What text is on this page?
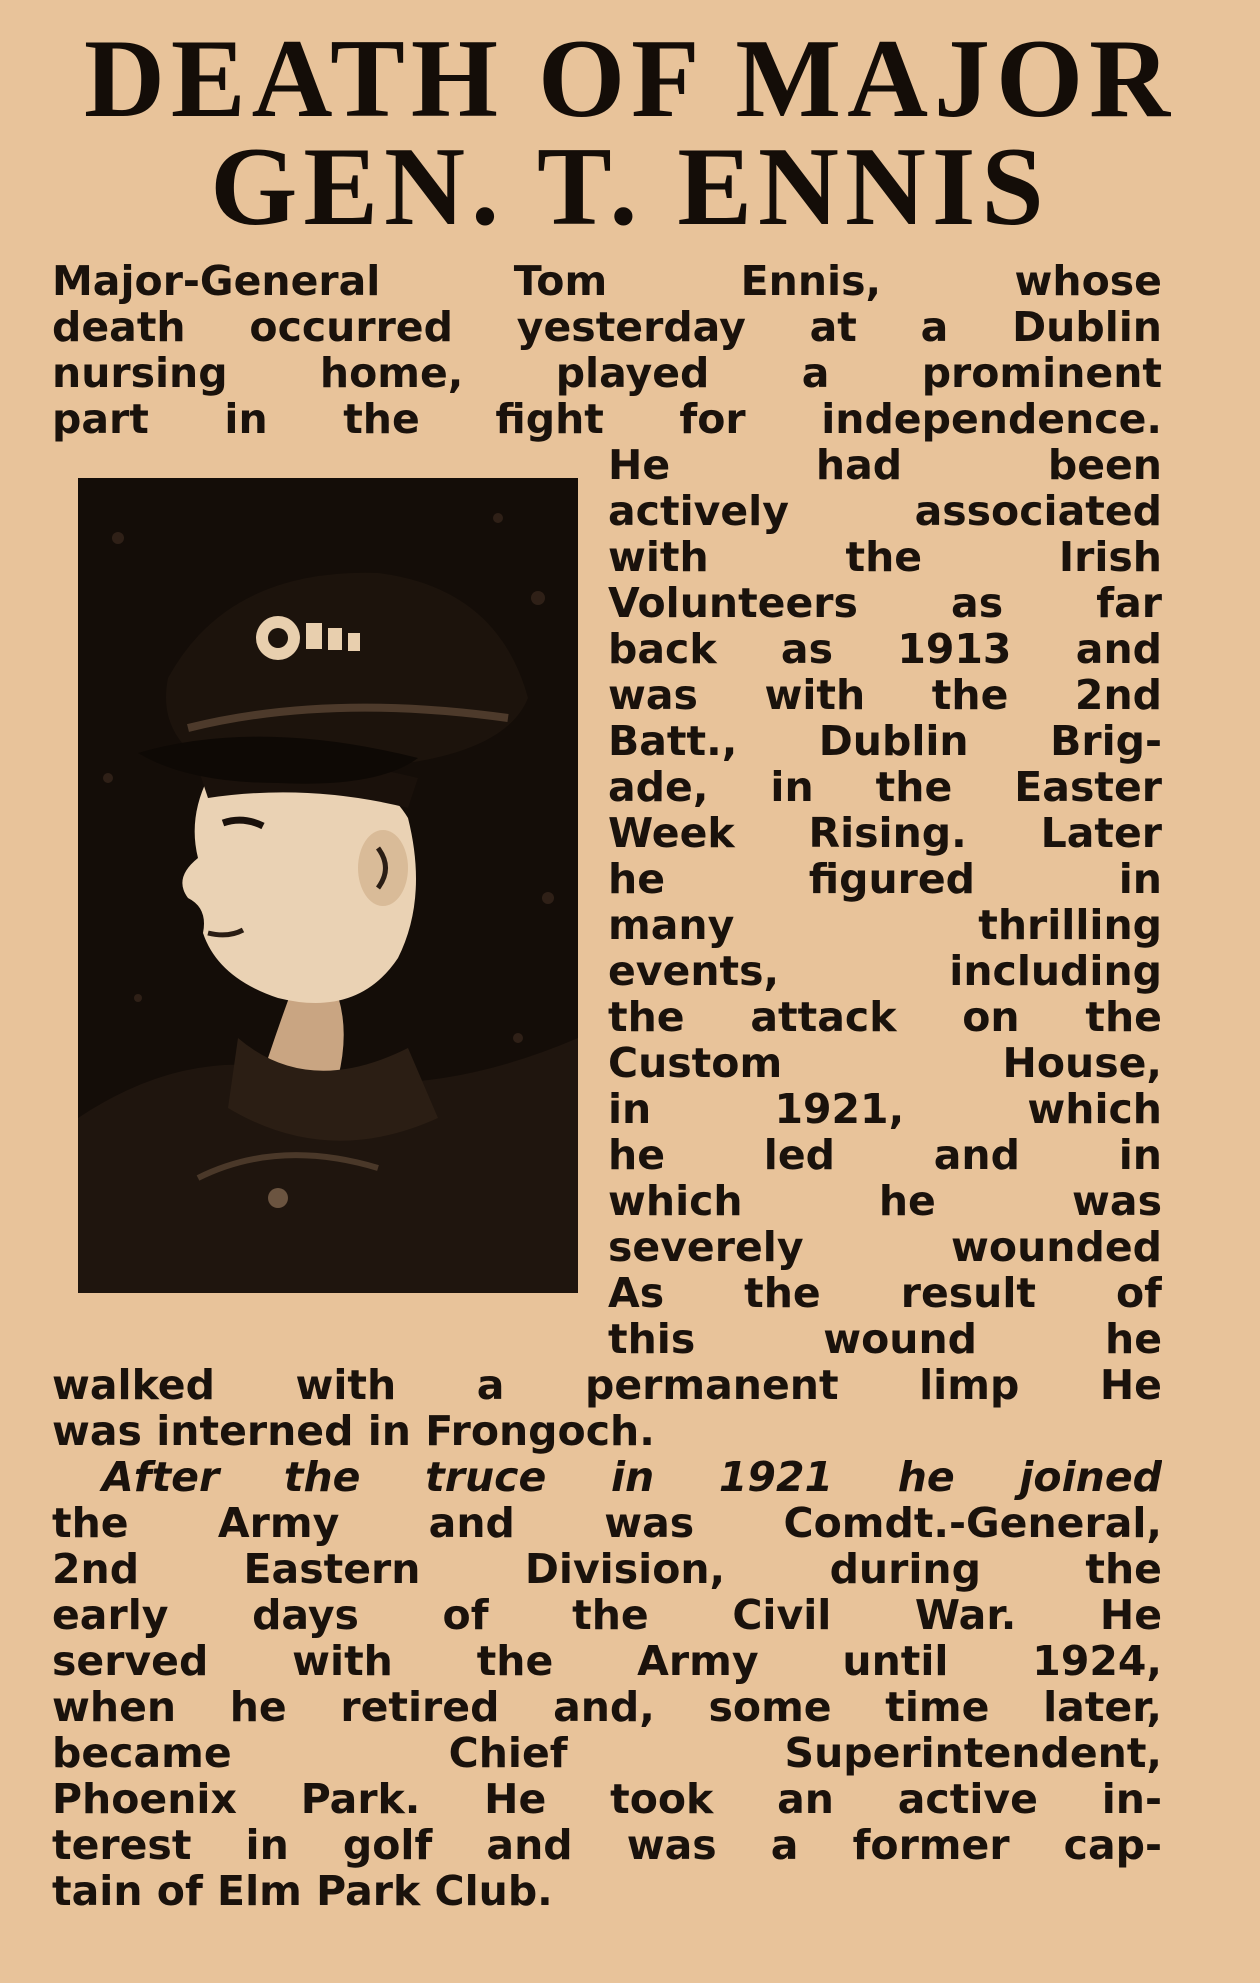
DEATH OF MAJOR
GEN. T. ENNIS

Major-General Tom Ennis, whose

death occurred yesterday at a Dublin

nursing home, played a prominent

part in the fight for independence.

He had been

actively associated

with the Irish

Volunteers as far

back as 1913 and

was with the 2nd

Batt., Dublin Brig-

ade, in the Easter

Week Rising. Later

he figured in

many thrilling

events, including

the attack on the

Custom House,

in 1921, which

he led and in

which he was

severely wounded

As the result of

this wound he

walked with a permanent limp He

was interned in Frongoch.

After the truce in 1921 he joined

the Army and was Comdt.-General,

2nd Eastern Division, during the

early days of the Civil War. He

served with the Army until 1924,

when he retired and, some time later,

became Chief Superintendent,

Phoenix Park. He took an active in-

terest in golf and was a former cap-

tain of Elm Park Club.
